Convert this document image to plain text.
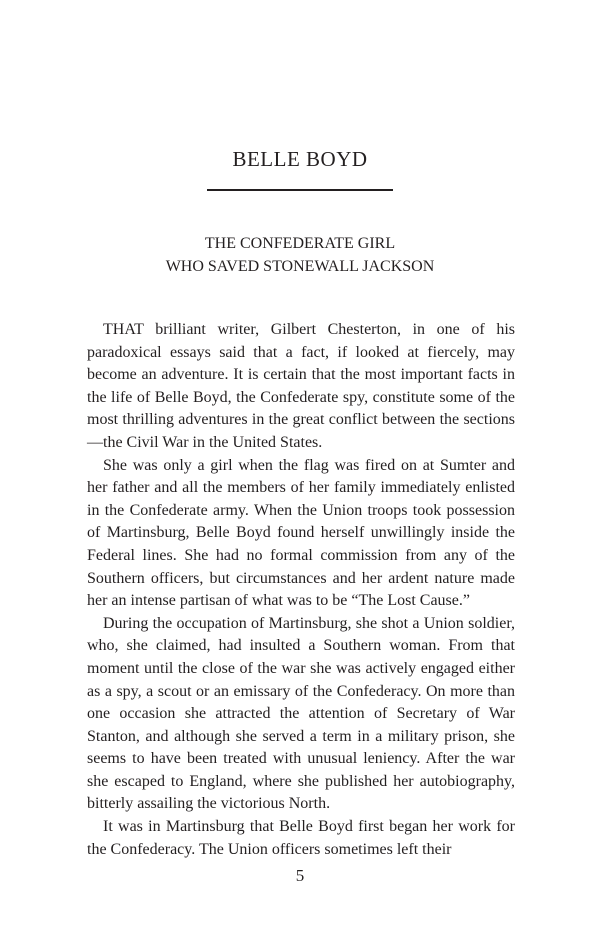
BELLE BOYD
THE CONFEDERATE GIRL
WHO SAVED STONEWALL JACKSON

THAT brilliant writer, Gilbert Chesterton, in one of his paradoxical essays said that a fact, if looked at fiercely, may become an adventure. It is certain that the most important facts in the life of Belle Boyd, the Confederate spy, constitute some of the most thrilling adventures in the great conflict between the sections—the Civil War in the United States.

She was only a girl when the flag was fired on at Sumter and her father and all the members of her family immediately enlisted in the Confederate army. When the Union troops took possession of Martinsburg, Belle Boyd found herself unwillingly inside the Federal lines. She had no formal commission from any of the Southern officers, but circumstances and her ardent nature made her an intense partisan of what was to be “The Lost Cause.”

During the occupation of Martinsburg, she shot a Union soldier, who, she claimed, had insulted a Southern woman. From that moment until the close of the war she was actively engaged either as a spy, a scout or an emissary of the Confederacy. On more than one occasion she attracted the attention of Secretary of War Stanton, and although she served a term in a military prison, she seems to have been treated with unusual leniency. After the war she escaped to England, where she published her autobiography, bitterly assailing the victorious North.

It was in Martinsburg that Belle Boyd first began her work for the Confederacy. The Union officers sometimes left their

5
